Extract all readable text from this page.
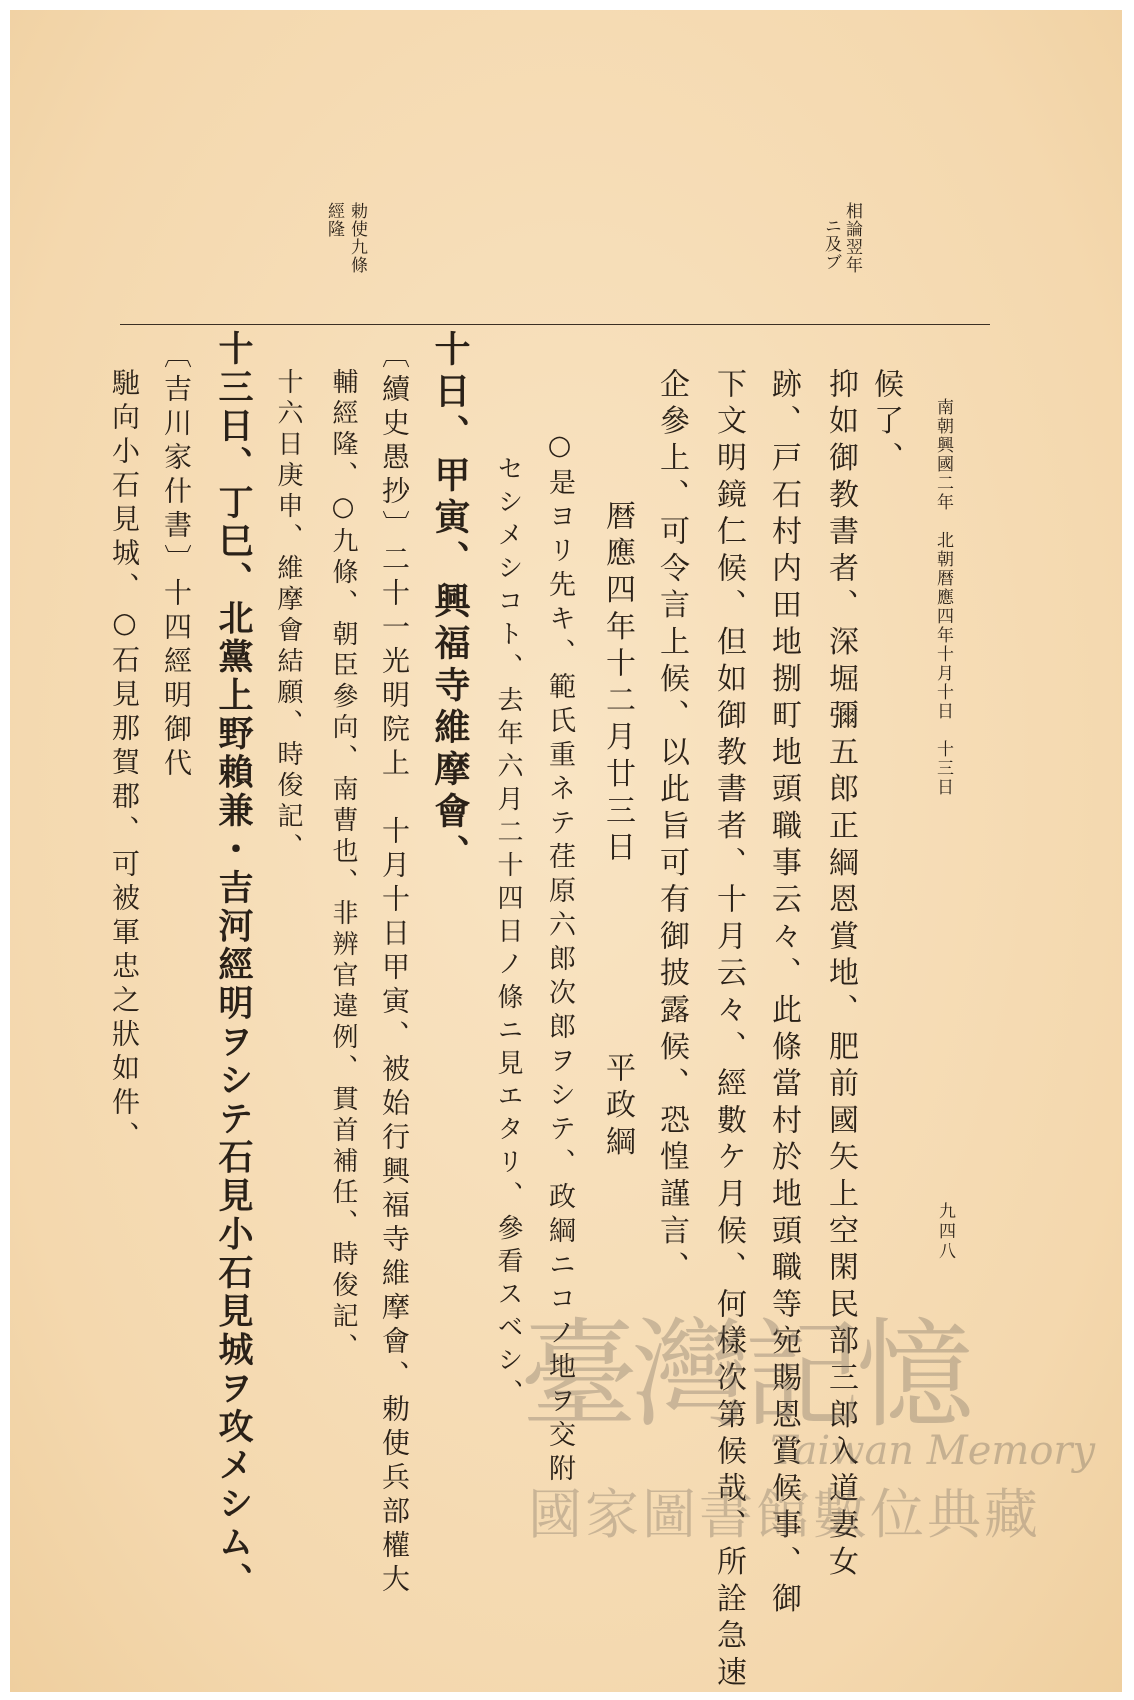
南朝興國二年　北朝暦應四年十月十日　十三日
九四八
相論翌年
ニ及ブ
勅使九條
經隆
候了、
抑如御教書者、深堀彌五郎正綱恩賞地、肥前國矢上空閑民部三郎入道妻女
跡、戸石村内田地捌町地頭職事云々、此條當村於地頭職等宛賜恩賞候事、御
下文明鏡仁候、但如御教書者、十月云々、經數ケ月候、何樣次第候哉、所詮急速
企參上、可令言上候、以此旨可有御披露候、恐惶謹言、
暦應四年十二月廿三日　　　　　平政綱
○是ヨリ先キ、範氏重ネテ荏原六郎次郎ヲシテ、政綱ニコノ地ヲ交附
セシメシコト、去年六月二十四日ノ條ニ見エタリ、參看スベシ、
十日、甲寅、興福寺維摩會、
〔續史愚抄〕二十一光明院上　十月十日甲寅、被始行興福寺維摩會、勅使兵部權大
輔經隆、○九條、朝臣參向、南曹也、非辨官違例、貫首補任、時俊記、
十六日庚申、維摩會結願、時俊記、
十三日、丁巳、北黨上野賴兼・吉河經明ヲシテ石見小石見城ヲ攻メシム、
〔吉川家什書〕十四經明御代
馳向小石見城、○石見那賀郡、可被軍忠之狀如件、
臺灣記憶
Taiwan Memory
國家圖書館數位典藏
